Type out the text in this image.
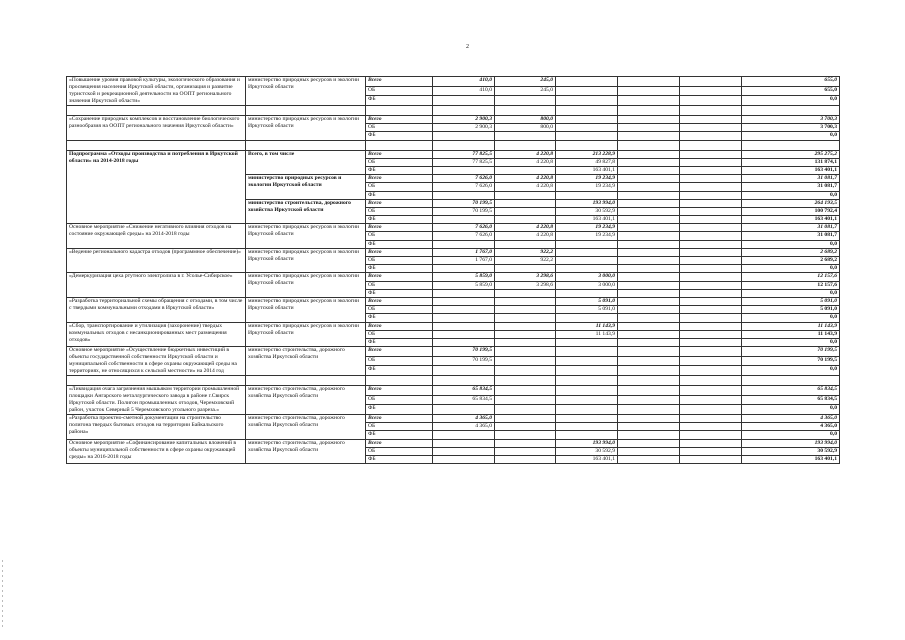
2
«Повышение уровня правовой культуры, экологического образования и просвещения населения Иркутской области, организация и развитие туристской и рекреационной деятельности на ООПТ регионального значения Иркутской области»	министерство природных ресурсов и экологии Иркутской области	Всего	410,0	245,0				655,0
		ОБ	410,0	245,0				655,0
		ФБ						0,0

«Сохранение природных комплексов и восстановление биологического разнообразия на ООПТ регионального значения Иркутской области»	министерство природных ресурсов и экологии Иркутской области	Всего	2 900,3	800,0				3 700,3
		ОБ	2 900,3	800,0				3 700,3
		ФБ						0,0

Подпрограмма «Отходы производства и потребления в Иркутской области» на 2014-2018 годы	Всего, в том числе	Всего	77 825,5	4 220,8	213 228,9			295 275,2
		ОБ	77 825,5	4 220,8	49 827,8			131 874,1
		ФБ			163 401,1			163 401,1
	министерство природных ресурсов и экологии Иркутской области	Всего	7 626,0	4 220,8	19 234,9			31 081,7
		ОБ	7 626,0	4 220,8	19 234,9			31 081,7
		ФБ						0,0
	министерство строительства, дорожного хозяйства Иркутской области	Всего	70 199,5		193 994,0			264 193,5
		ОБ	70 199,5		30 592,9			100 792,4
		ФБ			163 401,1			163 401,1
Основное мероприятие «Снижение негативного влияния отходов на состояние окружающей среды» на 2014-2018 годы	министерство природных ресурсов и экологии Иркутской области	Всего	7 626,0	4 220,8	19 234,9			31 081,7
		ОБ	7 626,0	4 220,8	19 234,9			31 081,7
		ФБ						0,0
«Ведение регионального кадастра отходов (программное обеспечение)»	министерство природных ресурсов и экологии Иркутской области	Всего	1 767,0	922,2				2 689,2
		ОБ	1 767,0	922,2				2 689,2
		ФБ						0,0
«Демеркуризация цеха ртутного электролиза в г. Усолье-Сибирское»	министерство природных ресурсов и экологии Иркутской области	Всего	5 859,0	3 298,6	3 000,0			12 157,6
		ОБ	5 859,0	3 298,6	3 000,0			12 157,6
		ФБ						0,0
«Разработка территориальной схемы обращения с отходами, в том числе с твердыми коммунальными отходами в Иркутской области»	министерство природных ресурсов и экологии Иркутской области	Всего			5 091,0			5 091,0
		ОБ			5 091,0			5 091,0
		ФБ						0,0
«Сбор, транспортирование и утилизация (захоронение) твердых коммунальных отходов с несанкционированных мест размещения отходов»	министерство природных ресурсов и экологии Иркутской области	Всего			11 143,9			11 143,9
		ОБ			11 143,9			11 143,9
		ФБ						0,0
Основное мероприятие «Осуществление бюджетных инвестиций в объекты государственной собственности Иркутской области и муниципальной собственности в сфере охраны окружающей среды на территориях, не относящихся к сельской местности» на 2014 год	министерство строительства, дорожного хозяйства Иркутской области	Всего	70 199,5					70 199,5
		ОБ	70 199,5					70 199,5
		ФБ						0,0

«Ликвидация очага загрязнения мышьяком территории промышленной площадки Ангарского металлургического завода в районе г.Свирск Иркутской области. Полигон промышленных отходов, Черемховский район, участок Северный 5 Черемховского угольного разреза.»	министерство строительства, дорожного хозяйства Иркутской области	Всего	65 834,5					65 834,5
		ОБ	65 834,5					65 834,5
		ФБ						0,0
«Разработка проектно-сметной документации на строительство полигона твердых бытовых отходов на территории Байкальского района»	министерство строительства, дорожного хозяйства Иркутской области	Всего	4 365,0					4 365,0
		ОБ	4 365,0					4 365,0
		ФБ						0,0
Основное мероприятие «Софинансирование капитальных вложений в объекты муниципальной собственности в сфере охраны окружающей среды» на 2016-2018 годы	министерство строительства, дорожного хозяйства Иркутской области	Всего			193 994,0			193 994,0
		ОБ			30 592,9			30 592,9
		ФБ			163 401,1			163 401,1
